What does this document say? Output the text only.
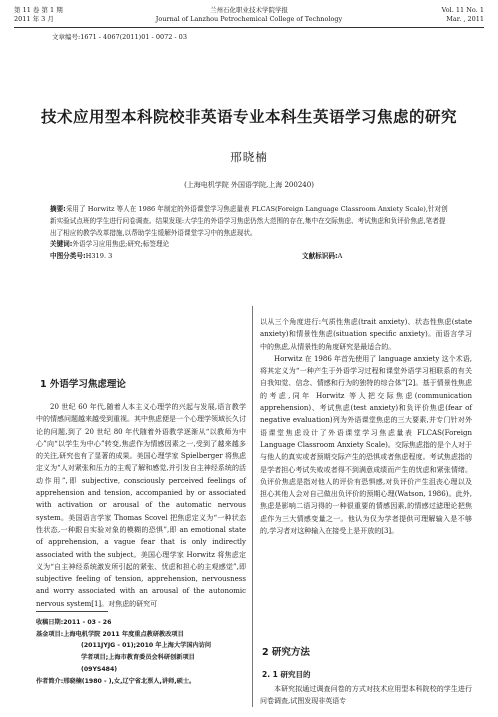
第 11 卷 第 1 期
2011 年 3 月
兰州石化职业技术学院学报
Journal of Lanzhou Petrochemical College of Technology
Vol. 11 No. 1
Mar. , 2011
文章编号:1671 - 4067(2011)01 - 0072 - 03
技术应用型本科院校非英语专业本科生英语学习焦虑的研究
邢晓楠
(上海电机学院 外国语学院,上海 200240)

摘要:采用了 Horwitz 等人在 1986 年制定的外语课堂学习焦虑量表 FLCAS(Foreign Language Classroom Anxiety Scale),针对创新实验试点班的学生进行问卷调查。结果发现:大学生的外语学习焦虑仍然大范围的存在,集中在交际焦虑、考试焦虑和负评价焦虑,笔者提出了相应的教学改革措施,以帮助学生缓解外语课堂学习中的焦虑现状。

关键词:外语学习应用焦虑;研究;标签理论

中图分类号:H319. 3	文献标识码:A
1 外语学习焦虑理论

20 世纪 60 年代,随着人本主义心理学的兴起与发展,语言教学中的情感问题越来越受到重视。其中焦虑便是一个心理学领域长久讨论的问题,到了 20 世纪 80 年代随着外语教学逐渐从“以教师为中心”向“以学生为中心”转变,焦虑作为情感因素之一,受到了越来越多的关注,研究也有了显著的成果。美国心理学家 Spielberger 将焦虑定义为“人对紧张和压力的主观了解和感觉,并引发自主神经系统的活动作用”,即 subjective, consciously perceived feelings of apprehension and tension, accompanied by or associated with activation or arousal of the automatic nervous system。美国语言学家 Thomas Scovel 把焦虑定义为“一种状态性状态,一种跟自实验对象的模糊的恐惧”,即 an emotional state of apprehension, a vague fear that is only indirectly associated with the subject。美国心理学家 Horwitz 将焦虑定义为“自主神经系统激发所引起的紧张、忧虑和担心的主观感觉”,即 subjective feeling of tension, apprehension, nervousness and worry associated with an arousal of the autonomic nervous system[1]。对焦虑的研究可

收稿日期:2011 - 03 - 26

基金项目:上海电机学院 2011 年度重点教研教改项目

(2011JYJG - 01);2010 年上海大学国内访问

学者项目;上海市教育委员会科研创新项目

(09YS484)

作者简介:邢晓楠(1980 - ),女,辽宁省北票人,讲师,硕士。

以从三个角度进行:气质性焦虑(trait anxiety)、状态性焦虑(state anxiety)和情景性焦虑(situation specific anxiety)。而语言学习中的焦虑,从情景性的角度研究是最适合的。

Horwitz 在 1986 年首先使用了 language anxiety 这个术语,将其定义为“一种产生于外语学习过程和课堂外语学习相联系的有关自我知觉、信念、情感和行为的独特的综合体”[2]。基于情景性焦虑的考虑,同年 Horwitz 等人把交际焦虑(communication apprehension)、考试焦虑(test anxiety)和负评价焦虑(fear of negative evaluation)列为外语课堂焦虑的三大要素,并专门针对外语课堂焦虑设计了外语课堂学习焦虑量表 FLCAS(Foreign Language Classroom Anxiety Scale)。交际焦虑指的是个人对于与他人的真实或者预期交际产生的恐惧或者焦虑程度。考试焦虑指的是学者担心考试失败或者得不到满意成绩而产生的忧虑和紧张情绪。负评价焦虑是指对他人的评价有恐惧感,对负评价产生沮丧心理以及担心其他人会对自己做出负评价的预期心理(Watson, 1986)。此外,焦虑是影响二语习得的一种很重要的情感因素,的情感过滤理论把焦虑作为三大情感变量之一。他认为仅为学者提供可理解输入是不够的,学习者对这种输入在接受上是开放的[3]。

2 研究方法
2. 1 研究目的

本研究拟通过调查问卷的方式对技术应用型本科院校的学生进行问卷调查,试图发现非英语专
